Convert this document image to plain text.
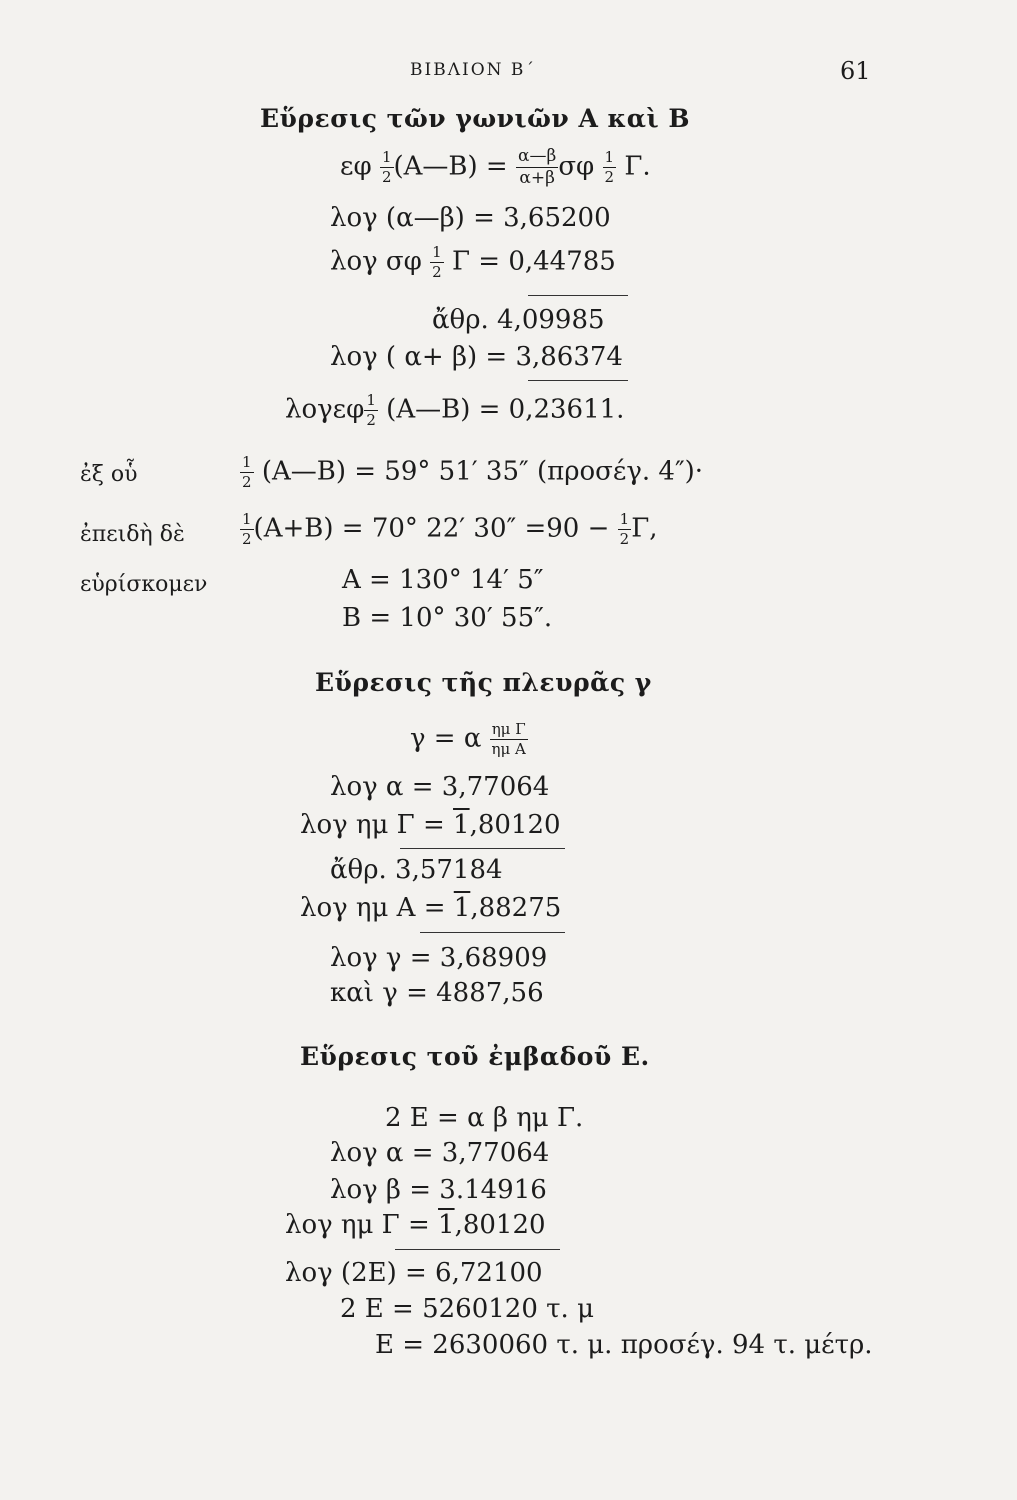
ΒΙΒΛΙΟΝ Β΄	61
Εὕρεσις τῶν γωνιῶν Α καὶ Β
εφ $\frac{1}{2}$ (Α—Β) = $\frac{\alpha—\beta}{\alpha+\beta}$ σφ $\frac{1}{2} \Gamma$.
λογ (α—β) = 3,65200
λογ σφ $\frac{1}{2}$ Γ = 0,44785
ἄθρ. 4,09985
λογ ( α+ β) = 3,86374
λογεφ $\frac{1}{2}$ (Α—Β) = 0,23611.
ἐξ οὗ	$\frac{1}{2}$ (Α—Β) = 59° 51′ 35″ (προσέγ. 4″)·
ἐπειδὴ δὲ	$\frac{1}{2} (A+B) = 70^\circ$ 22′ $30'' =90 - \frac{1}{2} \Gamma$,
εὑρίσκομεν	Α = 130° 14′ 5″
Β = 10° 30′ 55″.
Εὕρεσις τῆς πλευρᾶς γ
γ = α $\frac{\text{ημ Γ}}{\text{ημ Α}}$
λογ α = 3,77064
λογ ημ Γ = 1,80120
ἄθρ. 3,57184
λογ ημ Α = 1,88275
λογ γ = 3,68909
καὶ γ = 4887,56
Εὕρεσις τοῦ ἐμβαδοῦ Ε.
2 Ε = α β ημ Γ.
λογ α = 3,77064
λογ β = 3.14916
λογ ημ Γ = 1,80120
λογ (2Ε) = 6,72100
2 Ε = 5260120 τ. μ
Ε = 2630060 τ. μ. προσέγ. 94 τ. μέτρ.
